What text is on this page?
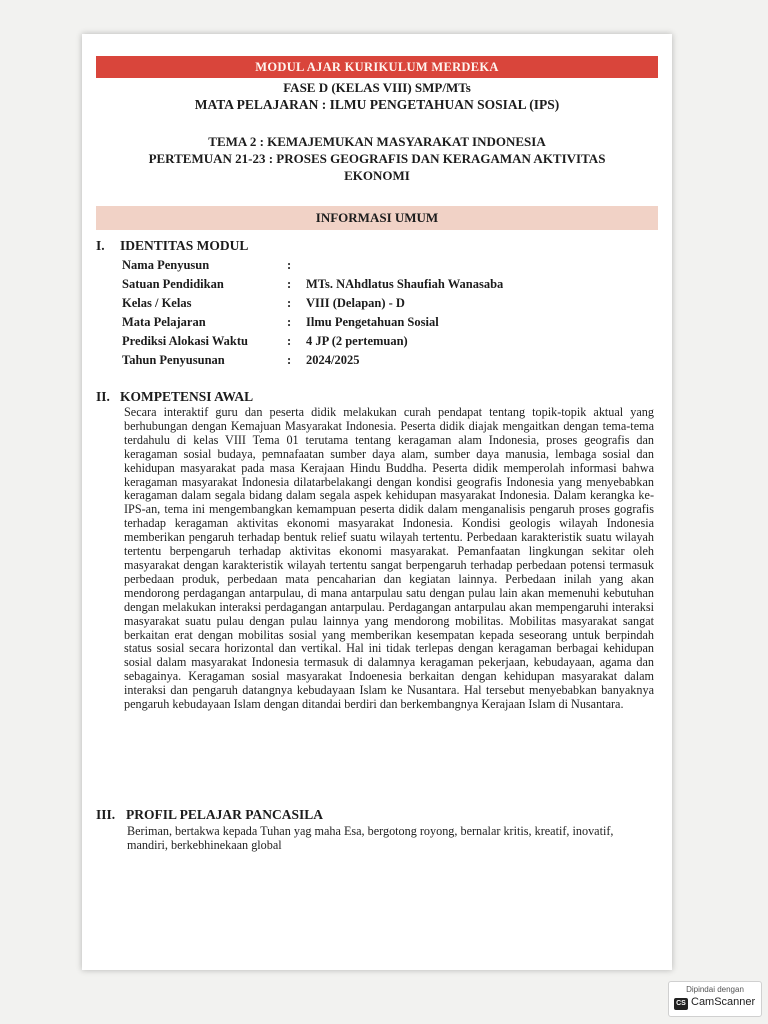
MODUL AJAR KURIKULUM MERDEKA
FASE D (KELAS VIII) SMP/MTs
MATA PELAJARAN : ILMU PENGETAHUAN SOSIAL (IPS)
TEMA 2 : KEMAJEMUKAN MASYARAKAT INDONESIA
PERTEMUAN 21-23 : PROSES GEOGRAFIS DAN KERAGAMAN AKTIVITAS
EKONOMI
INFORMASI UMUM
I. IDENTITAS MODUL
Nama Penyusun	:
Satuan Pendidikan	: MTs. NAhdlatus Shaufiah Wanasaba
Kelas / Kelas	: VIII (Delapan) - D
Mata Pelajaran	: Ilmu Pengetahuan Sosial
Prediksi Alokasi Waktu	: 4 JP (2 pertemuan)
Tahun Penyusunan	: 2024/2025
II. KOMPETENSI AWAL
Secara interaktif guru dan peserta didik melakukan curah pendapat tentang topik-topik aktual yang berhubungan dengan Kemajuan Masyarakat Indonesia. Peserta didik diajak mengaitkan dengan tema-tema terdahulu di kelas VIII Tema 01 terutama tentang keragaman alam Indonesia, proses geografis dan keragaman sosial budaya, pemnafaatan sumber daya alam, sumber daya manusia, lembaga sosial dan kehidupan masyarakat pada masa Kerajaan Hindu Buddha. Peserta didik memperolah informasi bahwa keragaman masyarakat Indonesia dilatarbelakangi dengan kondisi geografis Indonesia yang menyebabkan keragaman dalam segala bidang dalam segala aspek kehidupan masyarakat Indonesia. Dalam kerangka ke-IPS-an, tema ini mengembangkan kemampuan peserta didik dalam menganalisis pengaruh proses gografis terhadap keragaman aktivitas ekonomi masyarakat Indonesia. Kondisi geologis wilayah Indonesia memberikan pengaruh terhadap bentuk relief suatu wilayah tertentu. Perbedaan karakteristik suatu wilayah tertentu berpengaruh terhadap aktivitas ekonomi masyarakat. Pemanfaatan lingkungan sekitar oleh masyarakat dengan karakteristik wilayah tertentu sangat berpengaruh terhadap perbedaan potensi termasuk perbedaan produk, perbedaan mata pencaharian dan kegiatan lainnya. Perbedaan inilah yang akan mendorong perdagangan antarpulau, di mana antarpulau satu dengan pulau lain akan memenuhi kebutuhan dengan melakukan interaksi perdagangan antarpulau. Perdagangan antarpulau akan mempengaruhi interaksi masyarakat suatu pulau dengan pulau lainnya yang mendorong mobilitas. Mobilitas masyarakat sangat berkaitan erat dengan mobilitas sosial yang memberikan kesempatan kepada seseorang untuk berpindah status sosial secara horizontal dan vertikal. Hal ini tidak terlepas dengan keragaman berbagai kehidupan sosial dalam masyarakat Indonesia termasuk di dalamnya keragaman pekerjaan, kebudayaan, agama dan sebagainya. Keragaman sosial masyarakat Indoenesia berkaitan dengan kehidupan masyarakat dalam interaksi dan pengaruh datangnya kebudayaan Islam ke Nusantara. Hal tersebut menyebabkan banyaknya pengaruh kebudayaan Islam dengan ditandai berdiri dan berkembangnya Kerajaan Islam di Nusantara.
III. PROFIL PELAJAR PANCASILA
Beriman, bertakwa kepada Tuhan yag maha Esa, bergotong royong, bernalar kritis, kreatif, inovatif, mandiri, berkebhinekaan global
Dipindai dengan
CS CamScanner
